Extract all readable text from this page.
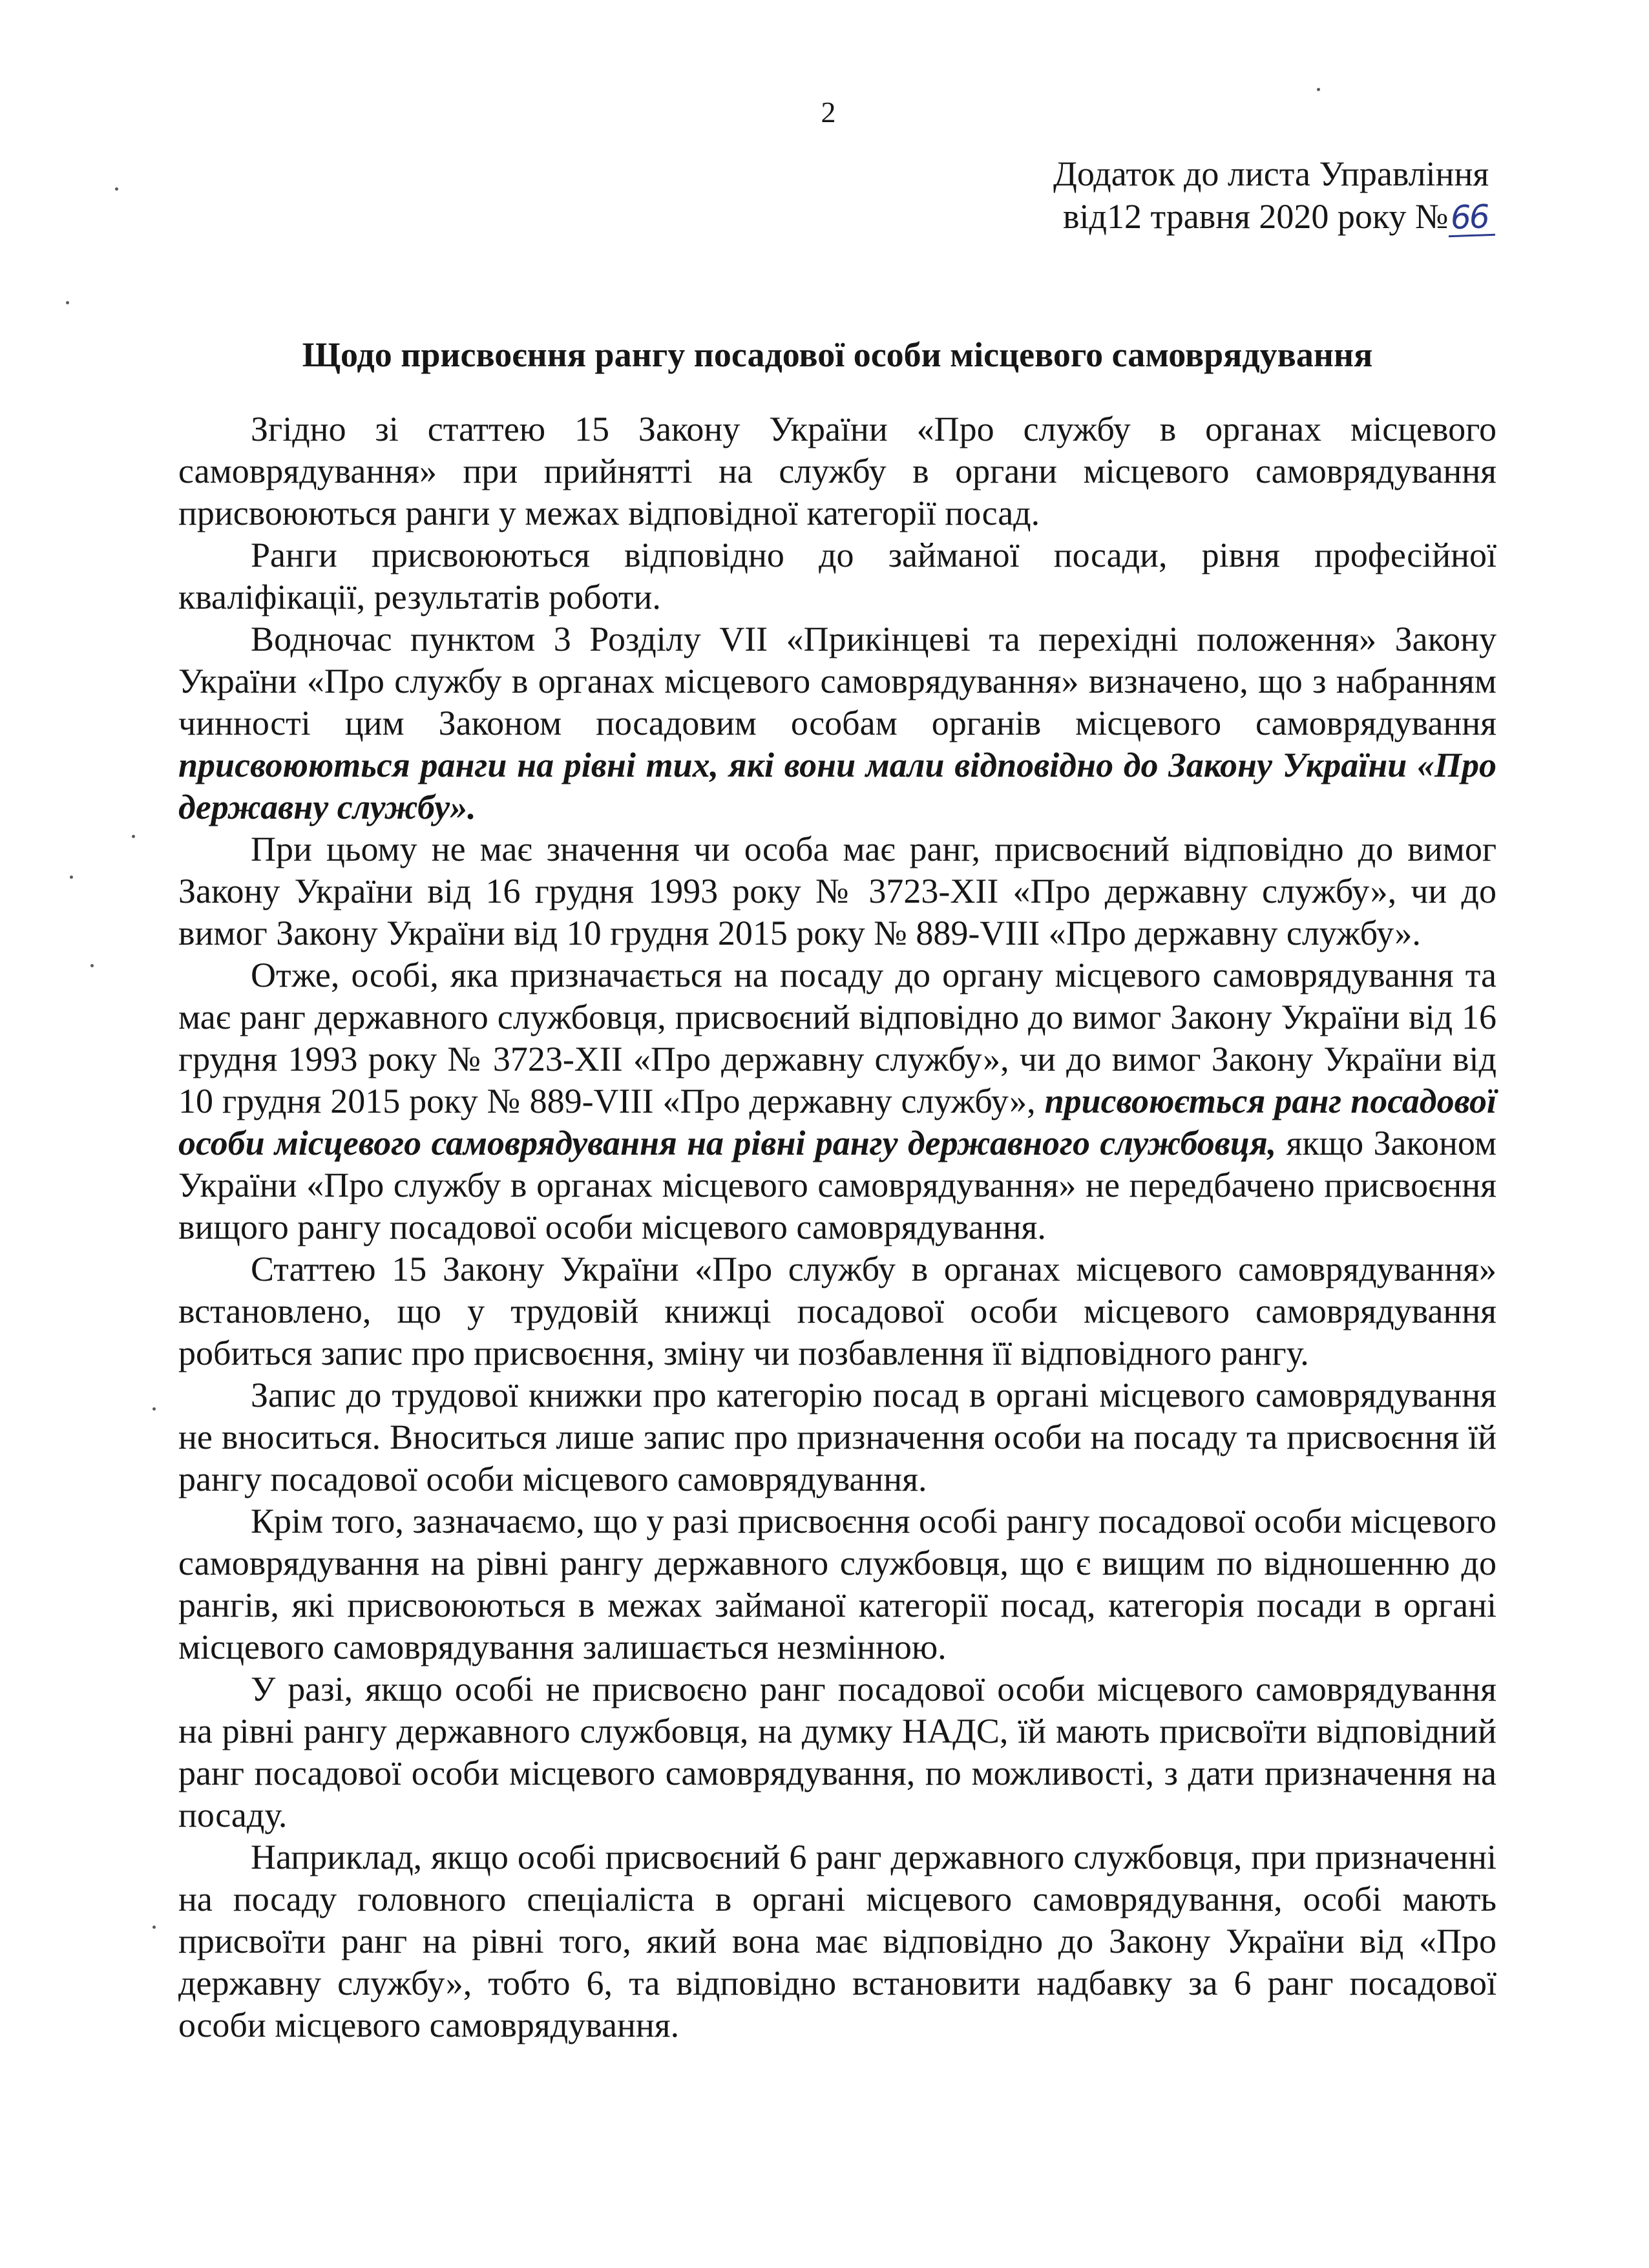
2
Додаток до листа Управління
від12 травня 2020 року №66
Щодо присвоєння рангу посадової особи місцевого самоврядування

Згідно зі статтею 15 Закону України «Про службу в органах місцевого самоврядування» при прийнятті на службу в органи місцевого самоврядування присвоюються ранги у межах відповідної категорії посад.

Ранги присвоюються відповідно до займаної посади, рівня професійної кваліфікації, результатів роботи.

Водночас пунктом 3 Розділу VII «Прикінцеві та перехідні положення» Закону України «Про службу в органах місцевого самоврядування» визначено, що з набранням чинності цим Законом посадовим особам органів місцевого самоврядування присвоюються ранги на рівні тих, які вони мали відповідно до Закону України «Про державну службу».

При цьому не має значення чи особа має ранг, присвоєний відповідно до вимог Закону України від 16 грудня 1993 року № 3723-XII «Про державну службу», чи до вимог Закону України від 10 грудня 2015 року № 889-VIII «Про державну службу».

Отже, особі, яка призначається на посаду до органу місцевого самоврядування та має ранг державного службовця, присвоєний відповідно до вимог Закону України від 16 грудня 1993 року № 3723-XII «Про державну службу», чи до вимог Закону України від 10 грудня 2015 року № 889-VIII «Про державну службу», присвоюється ранг посадової особи місцевого самоврядування на рівні рангу державного службовця, якщо Законом України «Про службу в органах місцевого самоврядування» не передбачено присвоєння вищого рангу посадової особи місцевого самоврядування.

Статтею 15 Закону України «Про службу в органах місцевого самоврядування» встановлено, що у трудовій книжці посадової особи місцевого самоврядування робиться запис про присвоєння, зміну чи позбавлення її відповідного рангу.

Запис до трудової книжки про категорію посад в органі місцевого самоврядування не вноситься. Вноситься лише запис про призначення особи на посаду та присвоєння їй рангу посадової особи місцевого самоврядування.

Крім того, зазначаємо, що у разі присвоєння особі рангу посадової особи місцевого самоврядування на рівні рангу державного службовця, що є вищим по відношенню до рангів, які присвоюються в межах займаної категорії посад, категорія посади в органі місцевого самоврядування залишається незмінною.

У разі, якщо особі не присвоєно ранг посадової особи місцевого самоврядування на рівні рангу державного службовця, на думку НАДС, їй мають присвоїти відповідний ранг посадової особи місцевого самоврядування, по можливості, з дати призначення на посаду.

Наприклад, якщо особі присвоєний 6 ранг державного службовця, при призначенні на посаду головного спеціаліста в органі місцевого самоврядування, особі мають присвоїти ранг на рівні того, який вона має відповідно до Закону України від «Про державну службу», тобто 6, та відповідно встановити надбавку за 6 ранг посадової особи місцевого самоврядування.
